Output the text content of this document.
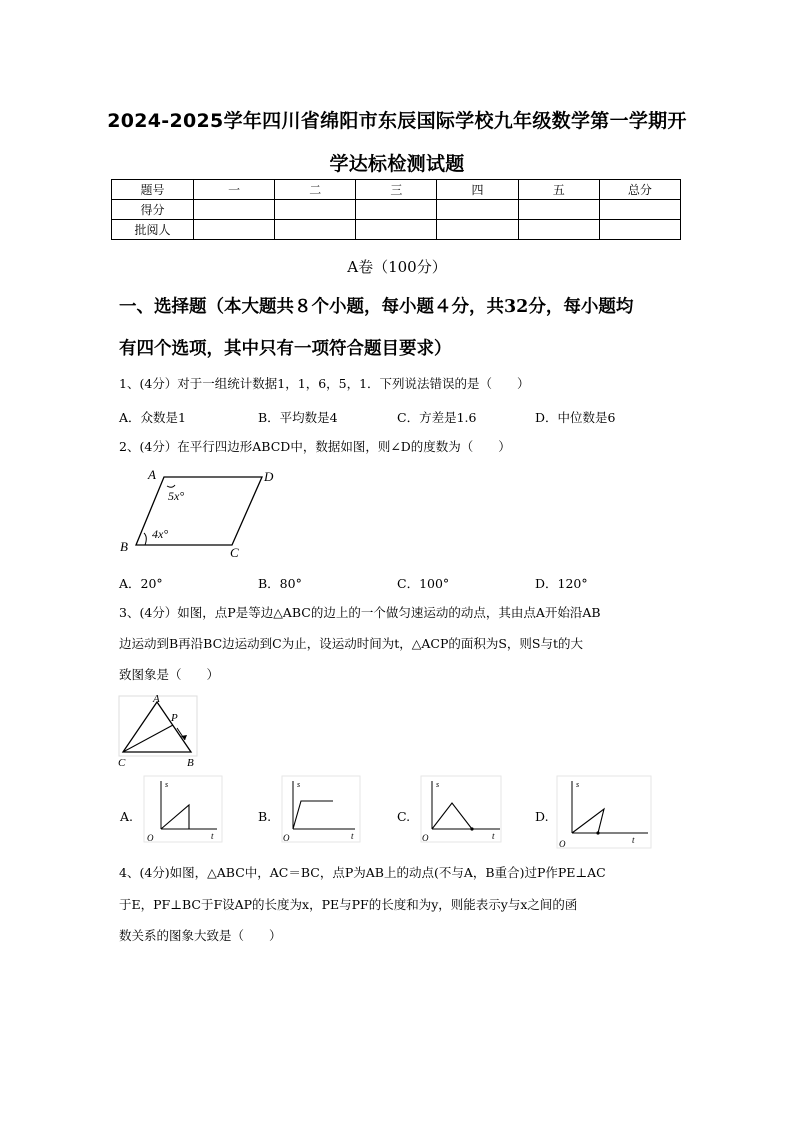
2024-2025学年四川省绵阳市东辰国际学校九年级数学第一学期开
学达标检测试题
题号	一	二	三	四	五	总分
得分						
批阅人						
A卷（100分）
一、选择题（本大题共８个小题，每小题４分，共32分，每小题均
有四个选项，其中只有一项符合题目要求）
1、(4分）对于一组统计数据1，1，6，5，1．下列说法错误的是（　　）
A．众数是1	B．平均数是4	C．方差是1.6	D．中位数是6
2、(4分）在平行四边形ABCD中，数据如图，则∠D的度数为（　　）
A	D
B	C
5x°
4x°
A．20°	B．80°	C．100°	D．120°
3、(4分）如图，点P是等边△ABC的边上的一个做匀速运动的动点，其由点A开始沿AB
边运动到B再沿BC边运动到C为止，设运动时间为t，△ACP的面积为S，则S与t的大
致图象是（　　）
A
P
C	B
A.
s
t
O
B.
s
t
O
C.
s
t
O
D.
s
t
O
4、(4分)如图，△ABC中，AC＝BC，点P为AB上的动点(不与A，B重合)过P作PE⊥AC
于E，PF⊥BC于F设AP的长度为x，PE与PF的长度和为y，则能表示y与x之间的函
数关系的图象大致是（　　）
